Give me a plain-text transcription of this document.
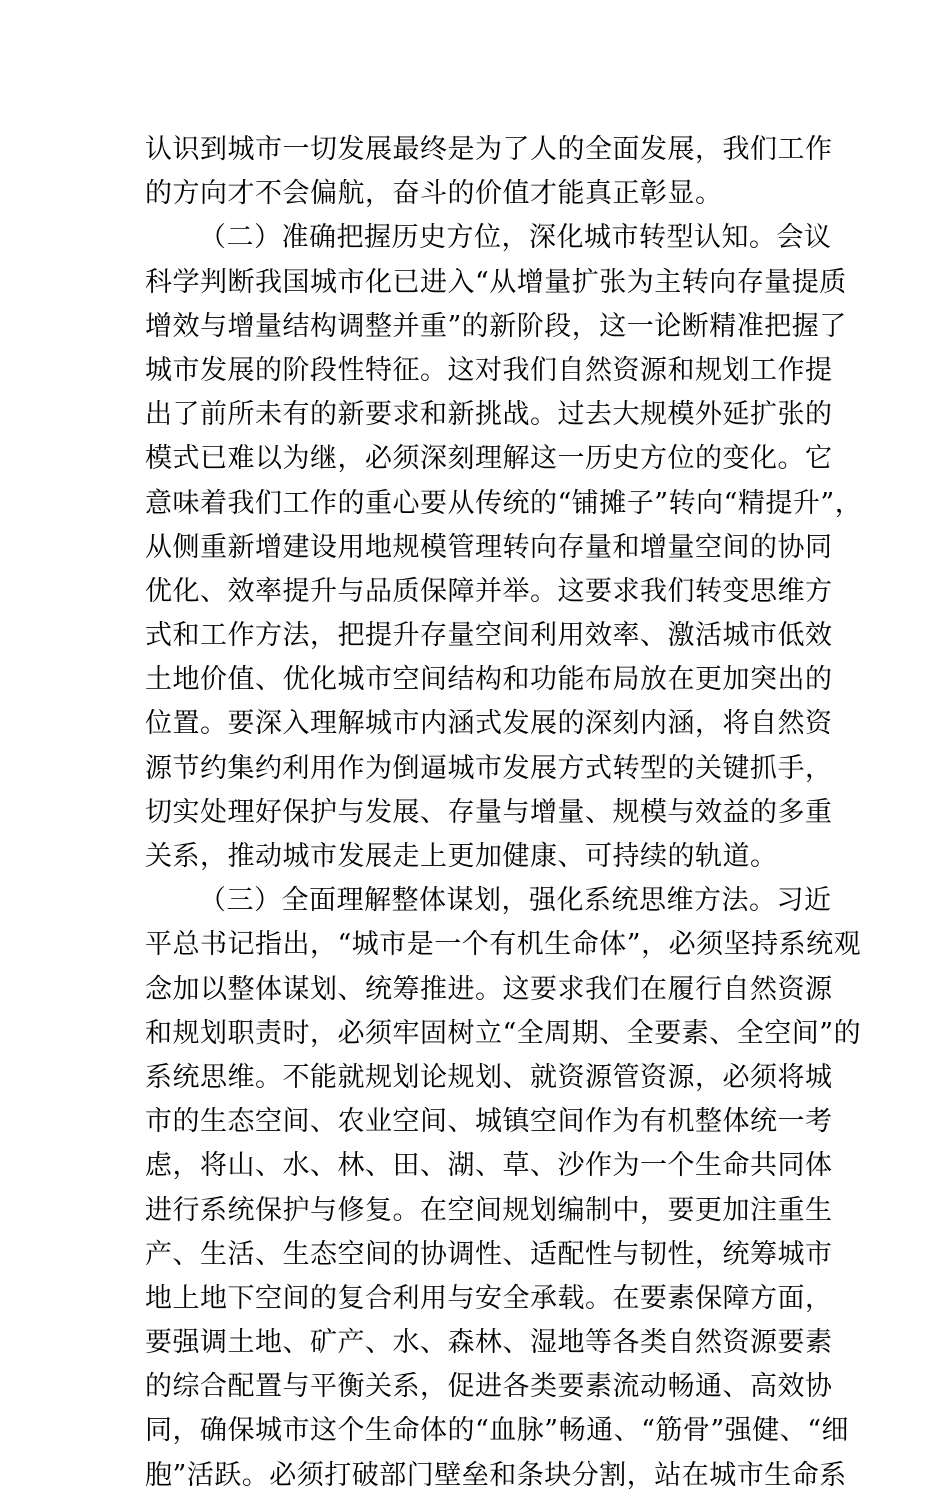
认识到城市一切发展最终是为了人的全面发展，我们工作
的方向才不会偏航，奋斗的价值才能真正彰显。
（二）准确把握历史方位，深化城市转型认知。会议
科学判断我国城市化已进入“从增量扩张为主转向存量提质
增效与增量结构调整并重”的新阶段，这一论断精准把握了
城市发展的阶段性特征。这对我们自然资源和规划工作提
出了前所未有的新要求和新挑战。过去大规模外延扩张的
模式已难以为继，必须深刻理解这一历史方位的变化。它
意味着我们工作的重心要从传统的“铺摊子”转向“精提升”，
从侧重新增建设用地规模管理转向存量和增量空间的协同
优化、效率提升与品质保障并举。这要求我们转变思维方
式和工作方法，把提升存量空间利用效率、激活城市低效
土地价值、优化城市空间结构和功能布局放在更加突出的
位置。要深入理解城市内涵式发展的深刻内涵，将自然资
源节约集约利用作为倒逼城市发展方式转型的关键抓手，
切实处理好保护与发展、存量与增量、规模与效益的多重
关系，推动城市发展走上更加健康、可持续的轨道。
（三）全面理解整体谋划，强化系统思维方法。习近
平总书记指出，“城市是一个有机生命体”，必须坚持系统观
念加以整体谋划、统筹推进。这要求我们在履行自然资源
和规划职责时，必须牢固树立“全周期、全要素、全空间”的
系统思维。不能就规划论规划、就资源管资源，必须将城
市的生态空间、农业空间、城镇空间作为有机整体统一考
虑，将山、水、林、田、湖、草、沙作为一个生命共同体
进行系统保护与修复。在空间规划编制中，要更加注重生
产、生活、生态空间的协调性、适配性与韧性，统筹城市
地上地下空间的复合利用与安全承载。在要素保障方面，
要强调土地、矿产、水、森林、湿地等各类自然资源要素
的综合配置与平衡关系，促进各类要素流动畅通、高效协
同，确保城市这个生命体的“血脉”畅通、“筋骨”强健、“细
胞”活跃。必须打破部门壁垒和条块分割，站在城市生命系
